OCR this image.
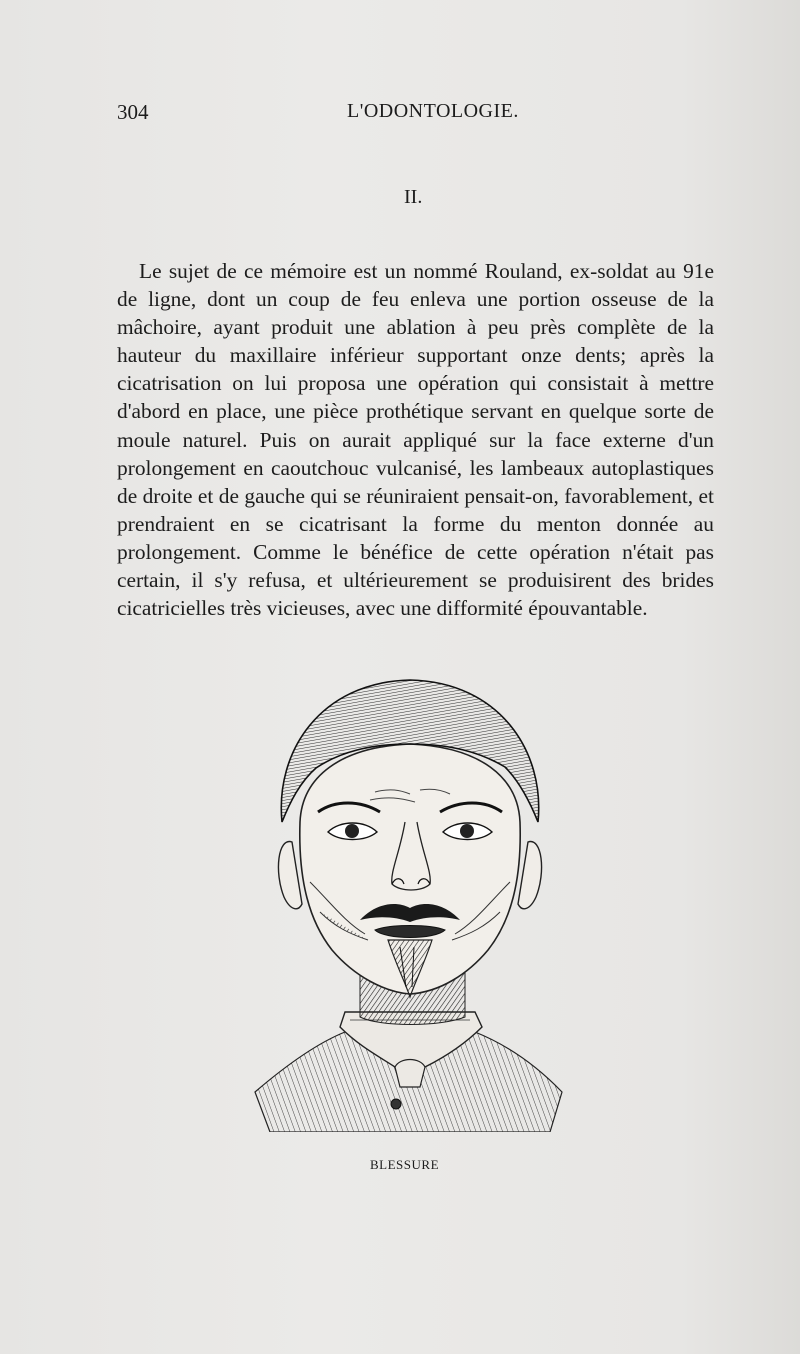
304	L'ODONTOLOGIE.
II.

Le sujet de ce mémoire est un nommé Rouland, ex-soldat au 91e de ligne, dont un coup de feu enleva une portion osseuse de la mâchoire, ayant produit une ablation à peu près complète de la hauteur du maxillaire inférieur supportant onze dents; après la cicatrisation on lui proposa une opération qui consistait à mettre d'abord en place, une pièce prothétique servant en quelque sorte de moule naturel. Puis on aurait appliqué sur la face externe d'un prolongement en caoutchouc vulcanisé, les lambeaux autoplastiques de droite et de gauche qui se réuniraient pensait-on, favorablement, et prendraient en se cicatrisant la forme du menton donnée au prolongement. Comme le bénéfice de cette opération n'était pas certain, il s'y refusa, et ultérieurement se produisirent des brides cicatricielles très vicieuses, avec une difformité épouvantable.

BLESSURE
